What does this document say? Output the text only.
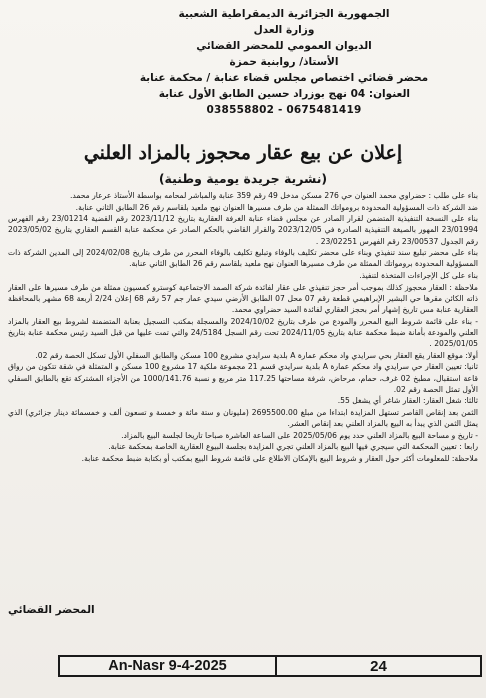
الجمهورية الجزائرية الديمقراطية الشعبية
وزارة العدل
الديوان العمومي للمحضر القضائي
الأستاذ/ روابنية حمزة
محضر قضائي اختصاص مجلس قضاء عنابة / محكمة عنابة
العنوان: 04 نهج بوزراد حسين الطابق الأول عنابة
0675481419 - 038558802
إعلان عن بيع عقار محجوز بالمزاد العلني
(نشرية جريدة يومية وطنية)

بناء على طلب : حضراوي محمد العنوان حي 276 مسكن مدخل 49 رقم 359 عنابة والمباشر لمحامه بواسطة الأستاذ عرعار محمد.

ضد الشركة ذات المسؤولية المحدودة برومواتك الممثلة من طرف مسيرها العنوان نهج ملعيد بلقاسم رقم 26 الطابق الثاني عنابة.

بناء على النسخة التنفيذية المتضمن لقرار الصادر عن مجلس قضاء عنابة الغرفة العقارية بتاريخ 2023/11/12 رقم القضية 23/01214 رقم الفهرس 23/01994 المهور بالصيغة التنفيذية الصادرة في 2023/12/05 والقرار القاضي بالحكم الصادر عن محكمة عنابة القسم العقاري بتاريخ 2023/05/02 رقم الجدول 23/00537 رقم الفهرس 23/02251 .

بناء على محضر تبليغ سند تنفيذي وبناء على محضر تكليف بالوفاء وتبليغ تكليف بالوفاء المحرر من طرف بتاريخ 2024/02/08 إلى المدين الشركة ذات المسؤولية المحدودة برومواتك الممثلة من طرف مسيرها العنوان نهج ملعيد بلقاسم رقم 26 الطابق الثاني عنابة.

بناء على كل الإجراءات المتخذة لتنفيذ.

ملاحظة : العقار محجوز كذلك بموجب أمر حجز تنفيذي على عقار لفائدة شركة الصمد الاجتماعية كوسترو كمسيون ممثلة من طرف مسيرها على العقار ذاته الكائن مقرها حي البشير الإبراهيمي قطعة رقم 07 محل 07 الطابق الأرضي سيدي عمار جم 57 رقم 68 إعلان 2/24 أربعة 68 مشهر بالمحافظة العقارية عنابة مس تاريخ إشهار أمر بحجز العقاري لفائدة السيد حضراوي محمد.

- بناء على قائمة شروط البيع المحرر والمودع من طرف بتاريخ 2024/10/02 والمسجلة بمكتب التسجيل بعنابة المتضمنة لشروط بيع العقار بالمزاد العلني والمودعة بأمانة ضبط محكمة عنابة بتاريخ 2024/11/05 تحت رقم السجل 24/5184 والتي تمت عليها من قبل السيد رئيس محكمة عنابة بتاريخ 2025/01/05 .

أولا: موقع العقار يقع العقار بحي سرايدي واد محكم عمارة A بلدية سرايدي مشروع 100 مسكن والطابق السفلي الأول تسكل الحصة رقم 02.

ثانيا: تعيين العقار حي سرايدي واد محكم عمارة A بلدية سرايدي قسم 21 مجموعة ملكية 17 مشروع 100 مسكن و المتمثلة في شقة تتكون من رواق قاعة استقبال، مطبخ 02 غرف، حمام، مرحاض، شرفة مساحتها 117.25 متر مربع و نسبة 1000/141.76 من الأجزاء المشتركة تقع بالطابق السفلي الأول تمثل الحصة رقم 02.

ثالثا: شغل العقار: العقار شاغر أي يشغل 55.

الثمن بعد إنقاص القاصر تستهل المزايدة ابتداءا من مبلغ 2695500.00 (مليونان و ستة مائة و خمسة و تسعون ألف و خمسمائة دينار جزائري) الذي يمثل الثمن الذي يبدأ به البيع بالمزاد العلني بعد إنقاص العشر.

- تاريخ و مساحة البيع بالمزاد العلني حدد يوم 2025/05/06 على الساعة العاشرة صباحا تاريخا لجلسة البيع بالمزاد.

رابعا : تعيين المحكمة التي سيجري فيها البيع بالمزاد العلني تجري المزايدة بجلسة البيوع العقارية الخاصة بمحكمة عنابة.

ملاحظة: للمعلومات أكثر حول العقار و شروط البيع بالإمكان الاطلاع على قائمة شروط البيع بمكتب أو بكتابة ضبط محكمة عنابة.

المحضر القضائي
An-Nasr 9-4-2025	24
